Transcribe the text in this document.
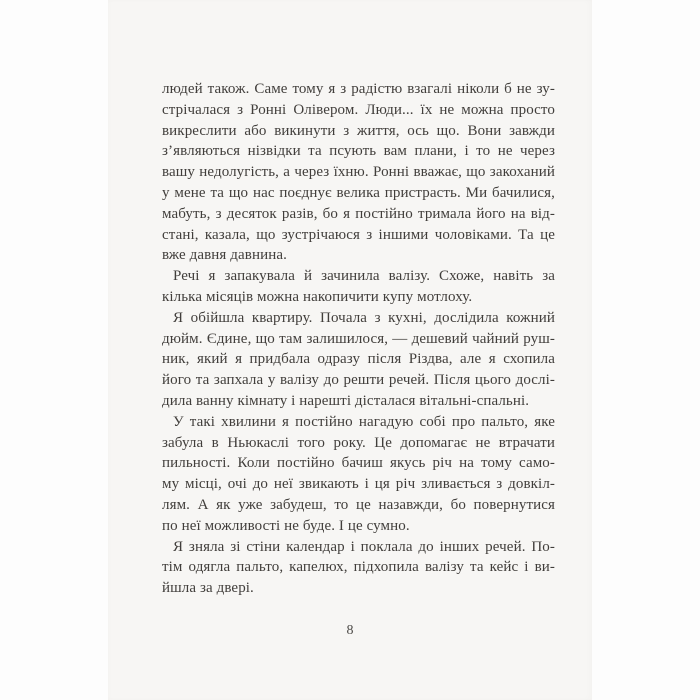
людей також. Саме тому я з радістю взагалі ніколи б не зу-
стрічалася з Ронні Олівером. Люди... їх не можна просто
викреслити або викинути з життя, ось що. Вони завжди
з’являються нізвідки та псують вам плани, і то не через
вашу недолугість, а через їхню. Ронні вважає, що закоханий
у мене та що нас поєднує велика пристрасть. Ми бачилися,
мабуть, з десяток разів, бо я постійно тримала його на від-
стані, казала, що зустрічаюся з іншими чоловіками. Та це
вже давня давнина.
Речі я запакувала й зачинила валізу. Схоже, навіть за
кілька місяців можна накопичити купу мотлоху.
Я обійшла квартиру. Почала з кухні, дослідила кожний
дюйм. Єдине, що там залишилося, — дешевий чайний руш-
ник, який я придбала одразу після Різдва, але я схопила
його та запхала у валізу до решти речей. Після цього дослі-
дила ванну кімнату і нарешті дісталася вітальні-спальні.
У такі хвилини я постійно нагадую собі про пальто, яке
забула в Ньюкаслі того року. Це допомагає не втрачати
пильності. Коли постійно бачиш якусь річ на тому само-
му місці, очі до неї звикають і ця річ зливається з довкіл-
лям. А як уже забудеш, то це назавжди, бо повернутися
по неї можливості не буде. І це сумно.
Я зняла зі стіни календар і поклала до інших речей. По-
тім одягла пальто, капелюх, підхопила валізу та кейс і ви-
йшла за двері.
8
